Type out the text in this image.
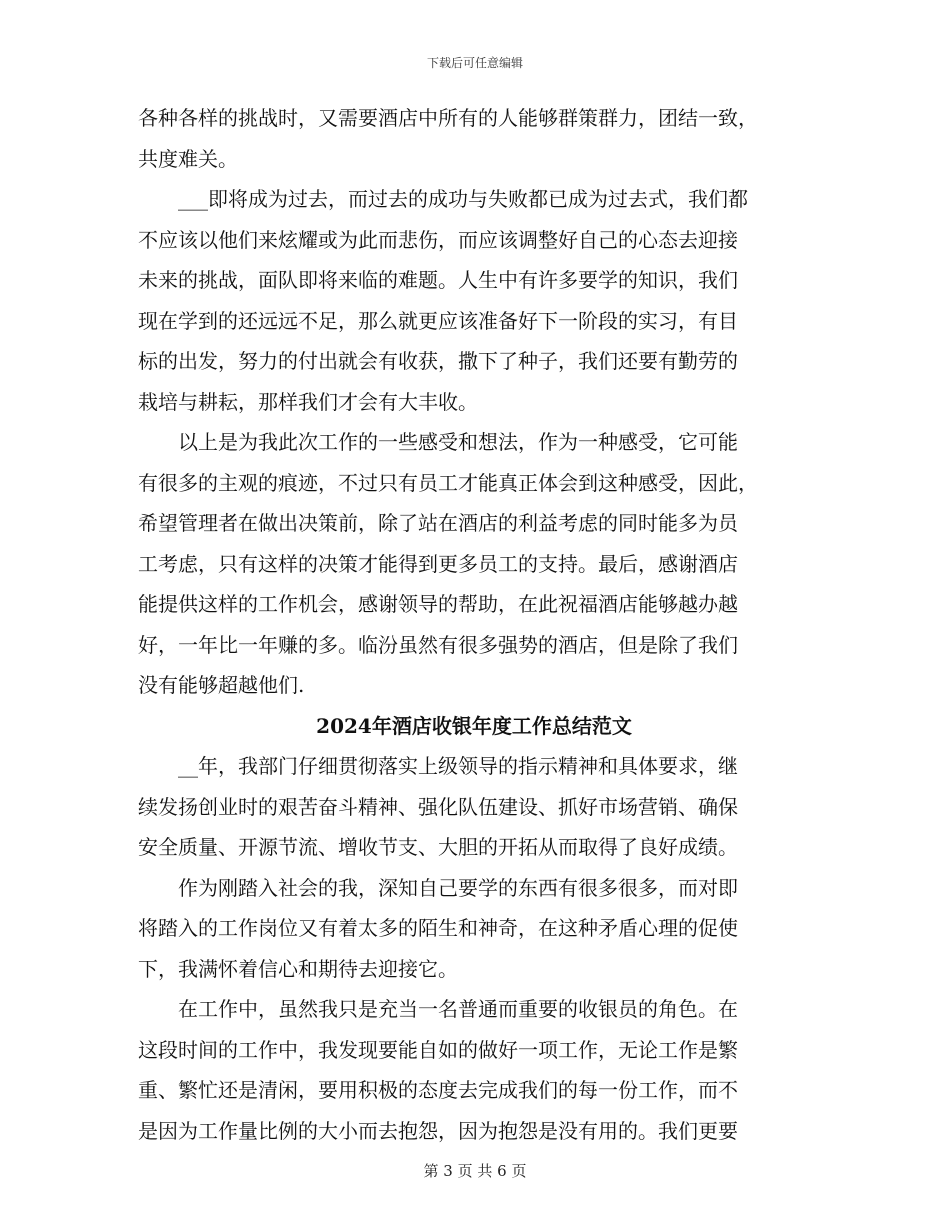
下载后可任意编辑
各种各样的挑战时，又需要酒店中所有的人能够群策群力，团结一致，
共度难关。
___即将成为过去，而过去的成功与失败都已成为过去式，我们都
不应该以他们来炫耀或为此而悲伤，而应该调整好自己的心态去迎接
未来的挑战，面队即将来临的难题。人生中有许多要学的知识，我们
现在学到的还远远不足，那么就更应该准备好下一阶段的实习，有目
标的出发，努力的付出就会有收获，撒下了种子，我们还要有勤劳的
栽培与耕耘，那样我们才会有大丰收。
以上是为我此次工作的一些感受和想法，作为一种感受，它可能
有很多的主观的痕迹，不过只有员工才能真正体会到这种感受，因此，
希望管理者在做出决策前，除了站在酒店的利益考虑的同时能多为员
工考虑，只有这样的决策才能得到更多员工的支持。最后，感谢酒店
能提供这样的工作机会，感谢领导的帮助，在此祝福酒店能够越办越
好，一年比一年赚的多。临汾虽然有很多强势的酒店，但是除了我们
没有能够超越他们.
2024年酒店收银年度工作总结范文
__年，我部门仔细贯彻落实上级领导的指示精神和具体要求，继
续发扬创业时的艰苦奋斗精神、强化队伍建设、抓好市场营销、确保
安全质量、开源节流、增收节支、大胆的开拓从而取得了良好成绩。
作为刚踏入社会的我，深知自己要学的东西有很多很多，而对即
将踏入的工作岗位又有着太多的陌生和神奇，在这种矛盾心理的促使
下，我满怀着信心和期待去迎接它。
在工作中，虽然我只是充当一名普通而重要的收银员的角色。在
这段时间的工作中，我发现要能自如的做好一项工作，无论工作是繁
重、繁忙还是清闲，要用积极的态度去完成我们的每一份工作，而不
是因为工作量比例的大小而去抱怨，因为抱怨是没有用的。我们更要
第 3 页 共 6 页
